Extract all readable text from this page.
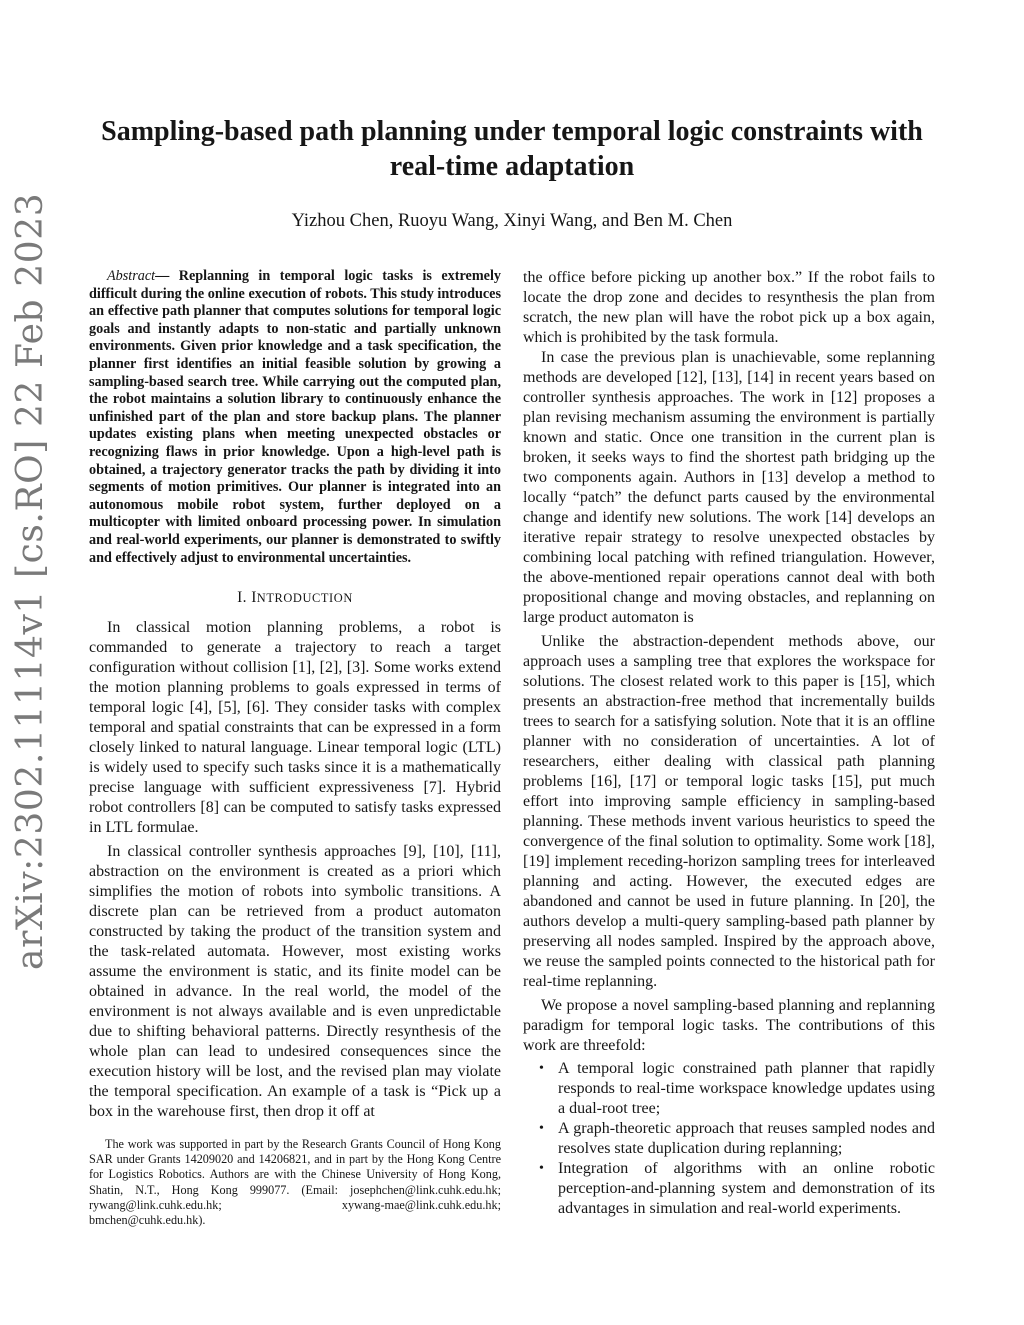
arXiv:2302.11114v1 [cs.RO] 22 Feb 2023
Sampling-based path planning under temporal logic constraints with real-time adaptation

Yizhou Chen, Ruoyu Wang, Xinyi Wang, and Ben M. Chen

Abstract— Replanning in temporal logic tasks is extremely difficult during the online execution of robots. This study introduces an effective path planner that computes solutions for temporal logic goals and instantly adapts to non-static and partially unknown environments. Given prior knowledge and a task specification, the planner first identifies an initial feasible solution by growing a sampling-based search tree. While carrying out the computed plan, the robot maintains a solution library to continuously enhance the unfinished part of the plan and store backup plans. The planner updates existing plans when meeting unexpected obstacles or recognizing flaws in prior knowledge. Upon a high-level path is obtained, a trajectory generator tracks the path by dividing it into segments of motion primitives. Our planner is integrated into an autonomous mobile robot system, further deployed on a multicopter with limited onboard processing power. In simulation and real-world experiments, our planner is demonstrated to swiftly and effectively adjust to environmental uncertainties.

I. INTRODUCTION

In classical motion planning problems, a robot is commanded to generate a trajectory to reach a target configuration without collision [1], [2], [3]. Some works extend the motion planning problems to goals expressed in terms of temporal logic [4], [5], [6]. They consider tasks with complex temporal and spatial constraints that can be expressed in a form closely linked to natural language. Linear temporal logic (LTL) is widely used to specify such tasks since it is a mathematically precise language with sufficient expressiveness [7]. Hybrid robot controllers [8] can be computed to satisfy tasks expressed in LTL formulae.

In classical controller synthesis approaches [9], [10], [11], abstraction on the environment is created as a priori which simplifies the motion of robots into symbolic transitions. A discrete plan can be retrieved from a product automaton constructed by taking the product of the transition system and the task-related automata. However, most existing works assume the environment is static, and its finite model can be obtained in advance. In the real world, the model of the environment is not always available and is even unpredictable due to shifting behavioral patterns. Directly resynthesis of the whole plan can lead to undesired consequences since the execution history will be lost, and the revised plan may violate the temporal specification. An example of a task is “Pick up a box in the warehouse first, then drop it off at

The work was supported in part by the Research Grants Council of Hong Kong SAR under Grants 14209020 and 14206821, and in part by the Hong Kong Centre for Logistics Robotics. Authors are with the Chinese University of Hong Kong, Shatin, N.T., Hong Kong 999077. (Email: josephchen@link.cuhk.edu.hk; rywang@link.cuhk.edu.hk; xywang-mae@link.cuhk.edu.hk; bmchen@cuhk.edu.hk).

the office before picking up another box.” If the robot fails to locate the drop zone and decides to resynthesis the plan from scratch, the new plan will have the robot pick up a box again, which is prohibited by the task formula.

In case the previous plan is unachievable, some replanning methods are developed [12], [13], [14] in recent years based on controller synthesis approaches. The work in [12] proposes a plan revising mechanism assuming the environment is partially known and static. Once one transition in the current plan is broken, it seeks ways to find the shortest path bridging up the two components again. Authors in [13] develop a method to locally “patch” the defunct parts caused by the environmental change and identify new solutions. The work [14] develops an iterative repair strategy to resolve unexpected obstacles by combining local patching with refined triangulation. However, the above-mentioned repair operations cannot deal with both propositional change and moving obstacles, and replanning on large product automaton is

Unlike the abstraction-dependent methods above, our approach uses a sampling tree that explores the workspace for solutions. The closest related work to this paper is [15], which presents an abstraction-free method that incrementally builds trees to search for a satisfying solution. Note that it is an offline planner with no consideration of uncertainties. A lot of researchers, either dealing with classical path planning problems [16], [17] or temporal logic tasks [15], put much effort into improving sample efficiency in sampling-based planning. These methods invent various heuristics to speed the convergence of the final solution to optimality. Some work [18], [19] implement receding-horizon sampling trees for interleaved planning and acting. However, the executed edges are abandoned and cannot be used in future planning. In [20], the authors develop a multi-query sampling-based path planner by preserving all nodes sampled. Inspired by the approach above, we reuse the sampled points connected to the historical path for real-time replanning.

We propose a novel sampling-based planning and replanning paradigm for temporal logic tasks. The contributions of this work are threefold:

• A temporal logic constrained path planner that rapidly responds to real-time workspace knowledge updates using a dual-root tree;
• A graph-theoretic approach that reuses sampled nodes and resolves state duplication during replanning;
• Integration of algorithms with an online robotic perception-and-planning system and demonstration of its advantages in simulation and real-world experiments.
